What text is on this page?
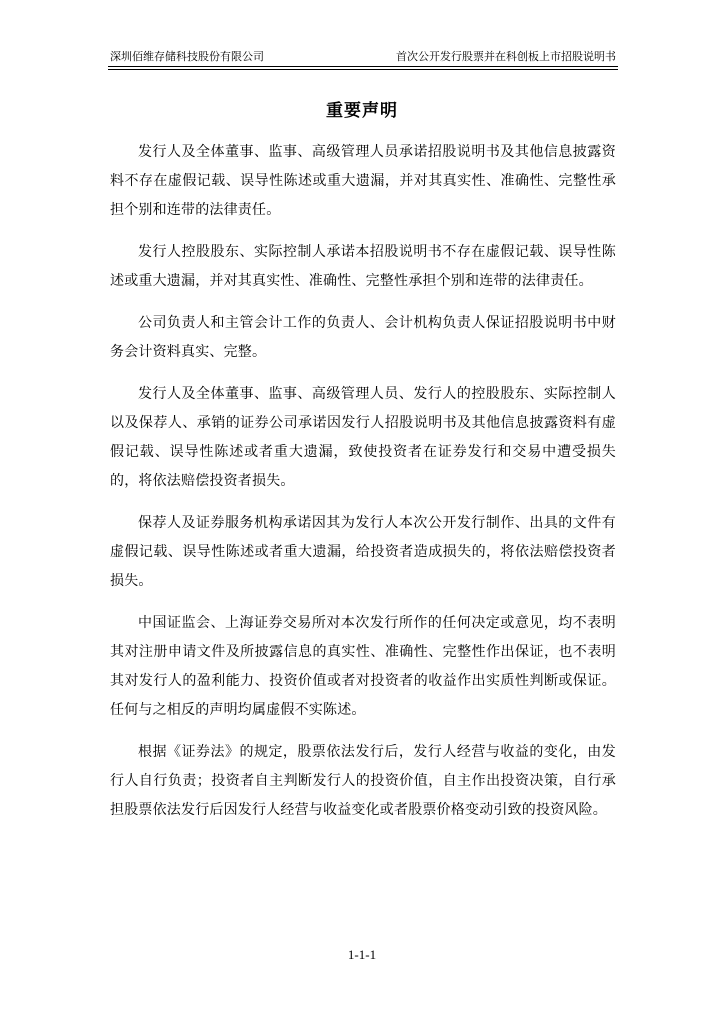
深圳佰维存储科技股份有限公司	首次公开发行股票并在科创板上市招股说明书
重要声明

发行人及全体董事、监事、高级管理人员承诺招股说明书及其他信息披露资料不存在虚假记载、误导性陈述或重大遗漏，并对其真实性、准确性、完整性承担个别和连带的法律责任。

发行人控股股东、实际控制人承诺本招股说明书不存在虚假记载、误导性陈述或重大遗漏，并对其真实性、准确性、完整性承担个别和连带的法律责任。

公司负责人和主管会计工作的负责人、会计机构负责人保证招股说明书中财务会计资料真实、完整。

发行人及全体董事、监事、高级管理人员、发行人的控股股东、实际控制人以及保荐人、承销的证券公司承诺因发行人招股说明书及其他信息披露资料有虚假记载、误导性陈述或者重大遗漏，致使投资者在证券发行和交易中遭受损失的，将依法赔偿投资者损失。

保荐人及证券服务机构承诺因其为发行人本次公开发行制作、出具的文件有虚假记载、误导性陈述或者重大遗漏，给投资者造成损失的，将依法赔偿投资者损失。

中国证监会、上海证券交易所对本次发行所作的任何决定或意见，均不表明其对注册申请文件及所披露信息的真实性、准确性、完整性作出保证，也不表明其对发行人的盈利能力、投资价值或者对投资者的收益作出实质性判断或保证。任何与之相反的声明均属虚假不实陈述。

根据《证券法》的规定，股票依法发行后，发行人经营与收益的变化，由发行人自行负责；投资者自主判断发行人的投资价值，自主作出投资决策，自行承担股票依法发行后因发行人经营与收益变化或者股票价格变动引致的投资风险。

1-1-1
